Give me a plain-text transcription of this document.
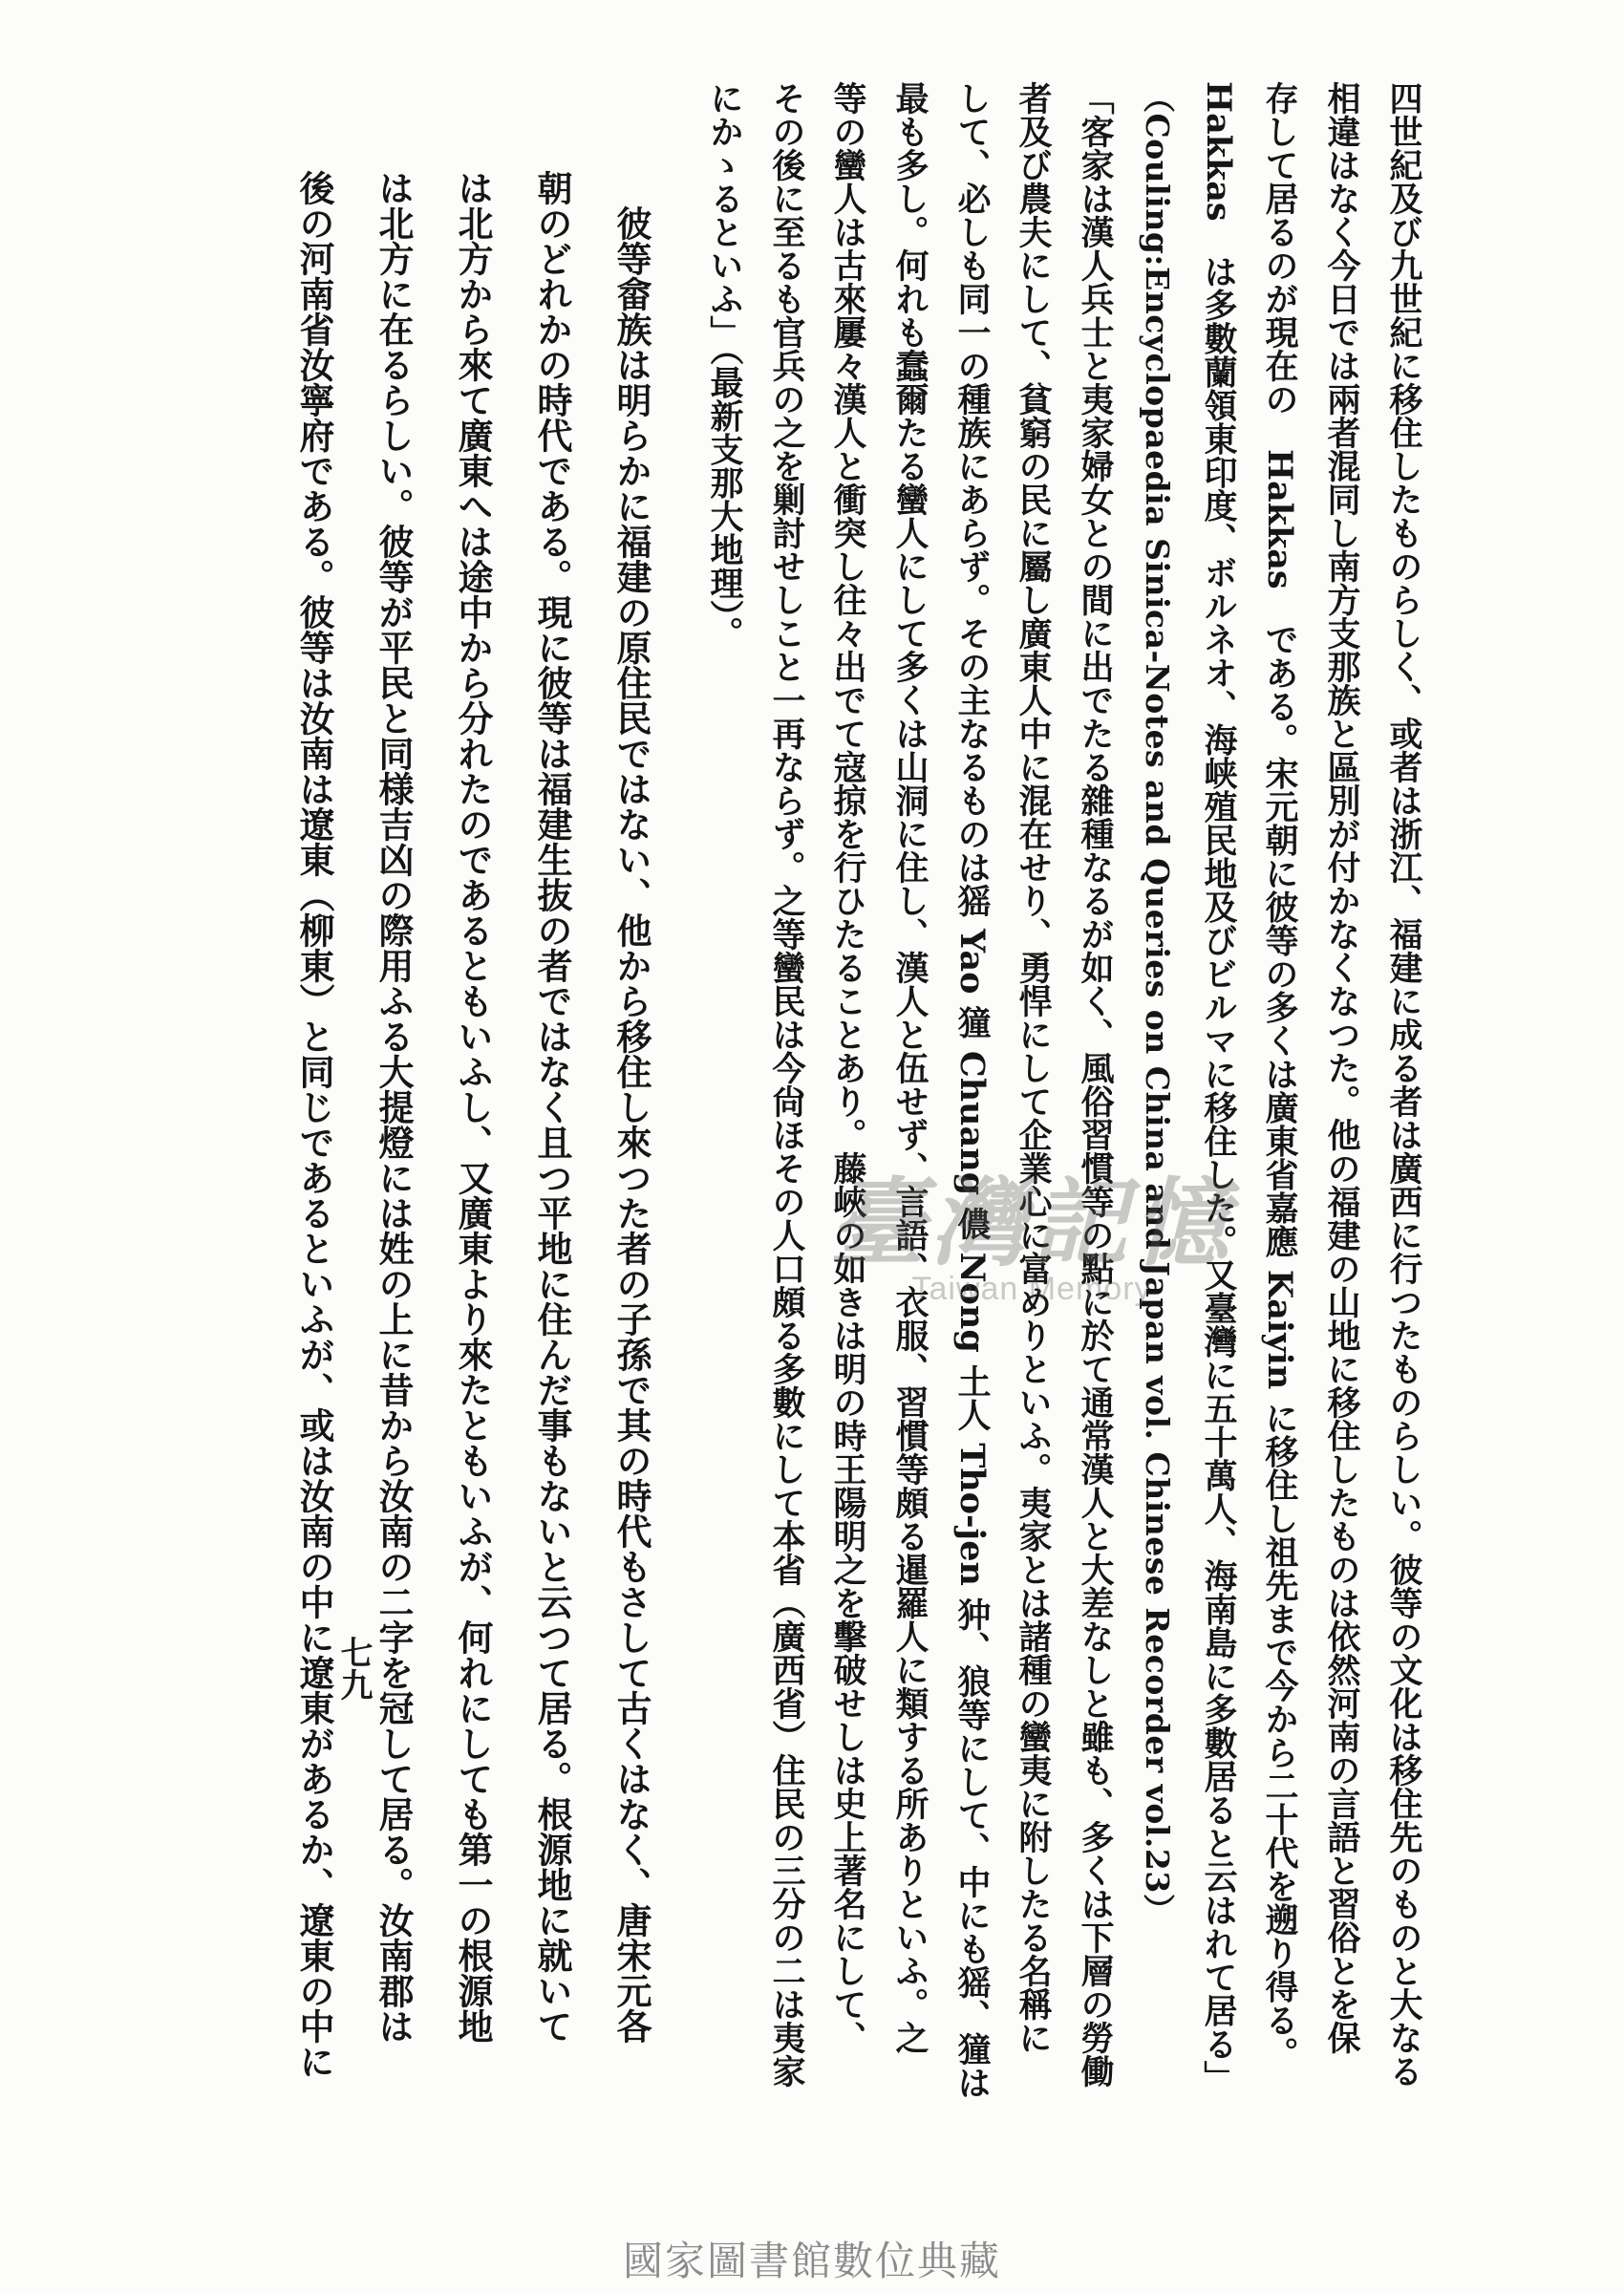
四世紀及び九世紀に移住したものらしく、或者は浙江、福建に成る者は廣西に行つたものらしい。彼等の文化は移住先のものと大なる
相違はなく今日では兩者混同し南方支那族と區別が付かなくなつた。他の福建の山地に移住したものは依然河南の言語と習俗とを保
存して居るのが現在の　Hakkas　である。宋元朝に彼等の多くは廣東省嘉應 Kaiyin に移住し祖先まで今から二十代を遡り得る。
Hakkas　は多數蘭領東印度、ボルネオ、海峡殖民地及びビルマに移住した。又臺灣に五十萬人、海南島に多數居ると云はれて居る」
（Couling:Encyclopaedia Sinica-Notes and Queries on China and Japan vol. Chinese Recorder vol.23）
「客家は漢人兵士と夷家婦女との間に出でたる雜種なるが如く、風俗習慣等の點に於て通常漢人と大差なしと雖も、多くは下層の勞働
者及び農夫にして、貧窮の民に屬し廣東人中に混在せり、勇悍にして企業心に富めりといふ。夷家とは諸種の蠻夷に附したる名稱に
して、必しも同一の種族にあらず。その主なるものは猺 Yao 獞 Chuang 儂 Nong 土人 Tho-jen 狆、狼等にして、中にも猺、獞は
最も多し。何れも蠢爾たる蠻人にして多くは山洞に住し、漢人と伍せず、言語、衣服、習慣等頗る暹羅人に類する所ありといふ。之
等の蠻人は古來屢々漢人と衝突し往々出でて寇掠を行ひたることあり。藤峽の如きは明の時王陽明之を擊破せしは史上著名にして、
その後に至るも官兵の之を剿討せしこと一再ならず。之等蠻民は今尙ほその人口頗る多數にして本省（廣西省）住民の三分の二は夷家
にかゝるといふ」（最新支那大地理）。
彼等畲族は明らかに福建の原住民ではない、他から移住し來つた者の子孫で其の時代もさして古くはなく、唐宋元各
朝のどれかの時代である。現に彼等は福建生抜の者ではなく且つ平地に住んだ事もないと云つて居る。根源地に就いて
は北方から來て廣東へは途中から分れたのであるともいふし、又廣東より來たともいふが、何れにしても第一の根源地
は北方に在るらしい。彼等が平民と同様吉凶の際用ふる大提燈には姓の上に昔から汝南の二字を冠して居る。汝南郡は
後の河南省汝寧府である。彼等は汝南は遼東（柳東）と同じであるといふが、或は汝南の中に遼東があるか、遼東の中に 七九
臺灣記憶
Taiwan Memory
國家圖書館數位典藏
